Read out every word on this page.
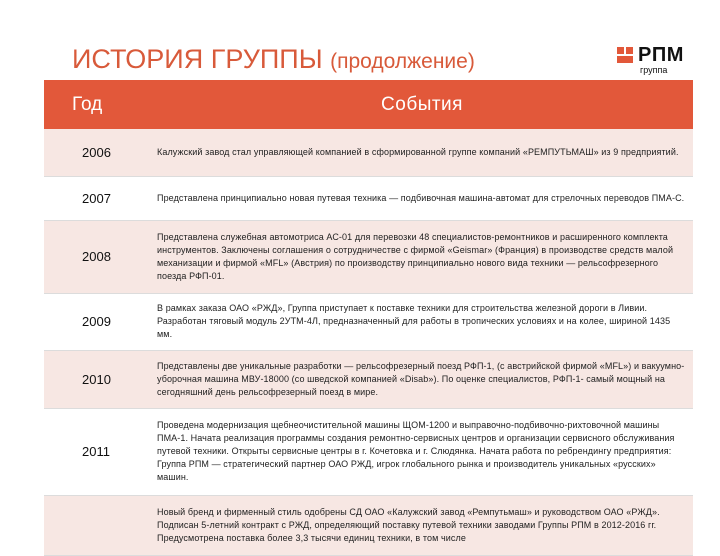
ИСТОРИЯ ГРУППЫ (продолжение)	РПМ
группа
Год	События
2006	Калужский завод стал управляющей компанией в сформированной группе компаний «РЕМПУТЬМАШ» из 9 предприятий.
2007	Представлена принципиально новая путевая техника — подбивочная машина-автомат для стрелочных переводов ПМА-С.
2008	Представлена служебная автомотриса АС-01 для перевозки 48 специалистов-ремонтников и расширенного комплекта инструментов. Заключены соглашения о сотрудничестве с фирмой «Geismar» (Франция) в производстве средств малой механизации и фирмой «MFL» (Австрия) по производству принципиально нового вида техники — рельсофрезерного поезда РФП-01.
2009	В рамках заказа ОАО «РЖД», Группа приступает к поставке техники для строительства железной дороги в Ливии. Разработан тяговый модуль 2УТМ-4Л, предназначенный для работы в тропических условиях и на колее, шириной 1435 мм.
2010	Представлены две уникальные разработки — рельсофрезерный поезд РФП-1, (с австрийской фирмой «MFL») и вакуумно-уборочная машина МВУ-18000 (со шведской компанией «Disab»). По оценке специалистов, РФП-1- самый мощный на сегодняшний день рельсофрезерный поезд в мире.
2011	Проведена модернизация щебнеочистительной машины ЩОМ-1200 и выправочно-подбивочно-рихтовочной машины ПМА-1. Начата реализация программы создания ремонтно-сервисных центров и организации сервисного обслуживания путевой техники. Открыты сервисные центры в г. Кочетовка и г. Слюдянка. Начата работа по ребрендингу предприятия: Группа РПМ — стратегический партнер ОАО РЖД, игрок глобального рынка и производитель уникальных «русских» машин.
	Новый бренд и фирменный стиль одобрены СД ОАО «Калужский завод «Ремпутьмаш» и руководством ОАО «РЖД». Подписан 5-летний контракт с РЖД, определяющий поставку путевой техники заводами Группы РПМ в 2012-2016 гг. Предусмотрена поставка более 3,3 тысячи единиц техники, в том числе
